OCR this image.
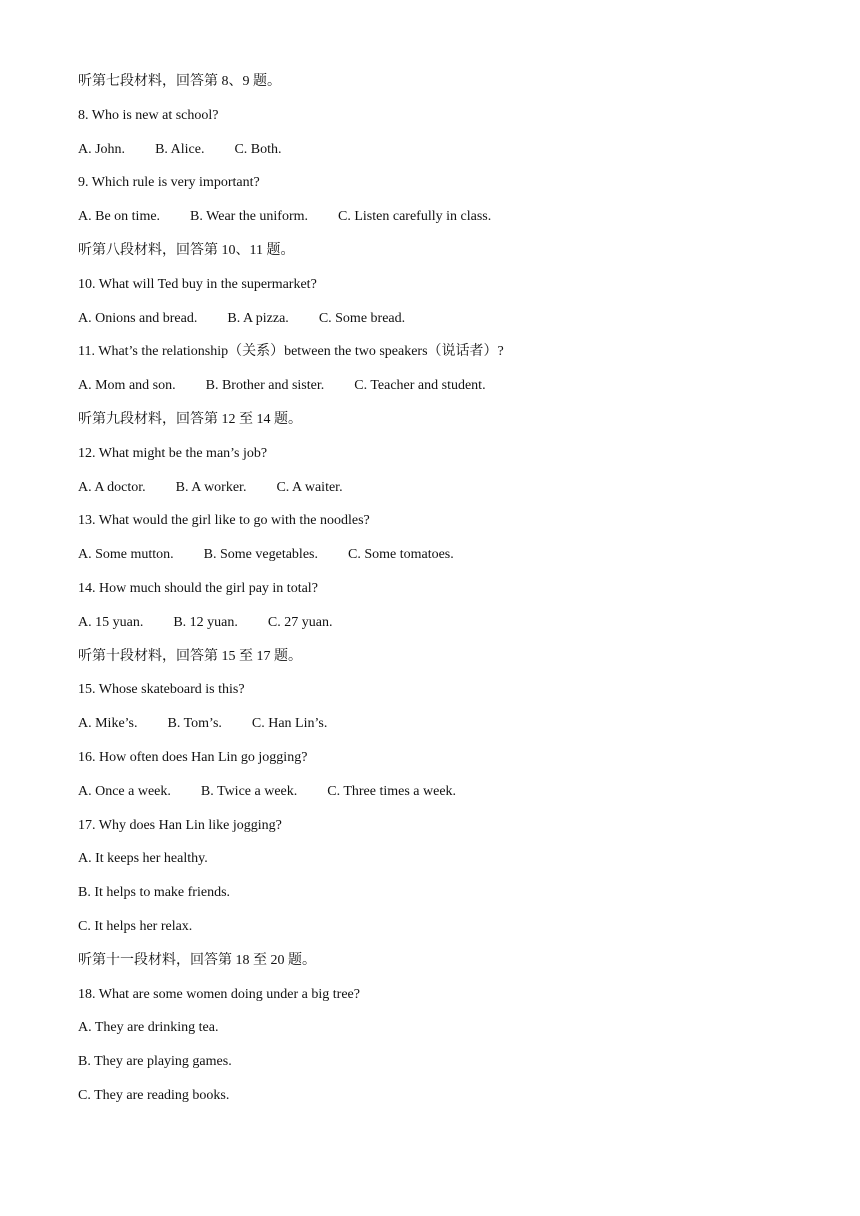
听第七段材料，回答第 8、9 题。
8. Who is new at school?
A. John. B. Alice. C. Both.
9. Which rule is very important?
A. Be on time. B. Wear the uniform. C. Listen carefully in class.
听第八段材料，回答第 10、11 题。
10. What will Ted buy in the supermarket?
A. Onions and bread. B. A pizza. C. Some bread.
11. What’s the relationship（关系）between the two speakers（说话者）?
A. Mom and son. B. Brother and sister. C. Teacher and student.
听第九段材料，回答第 12 至 14 题。
12. What might be the man’s job?
A. A doctor. B. A worker. C. A waiter.
13. What would the girl like to go with the noodles?
A. Some mutton. B. Some vegetables. C. Some tomatoes.
14. How much should the girl pay in total?
A. 15 yuan. B. 12 yuan. C. 27 yuan.
听第十段材料，回答第 15 至 17 题。
15. Whose skateboard is this?
A. Mike’s. B. Tom’s. C. Han Lin’s.
16. How often does Han Lin go jogging?
A. Once a week. B. Twice a week. C. Three times a week.
17. Why does Han Lin like jogging?
A. It keeps her healthy.
B. It helps to make friends.
C. It helps her relax.
听第十一段材料，回答第 18 至 20 题。
18. What are some women doing under a big tree?
A. They are drinking tea.
B. They are playing games.
C. They are reading books.
